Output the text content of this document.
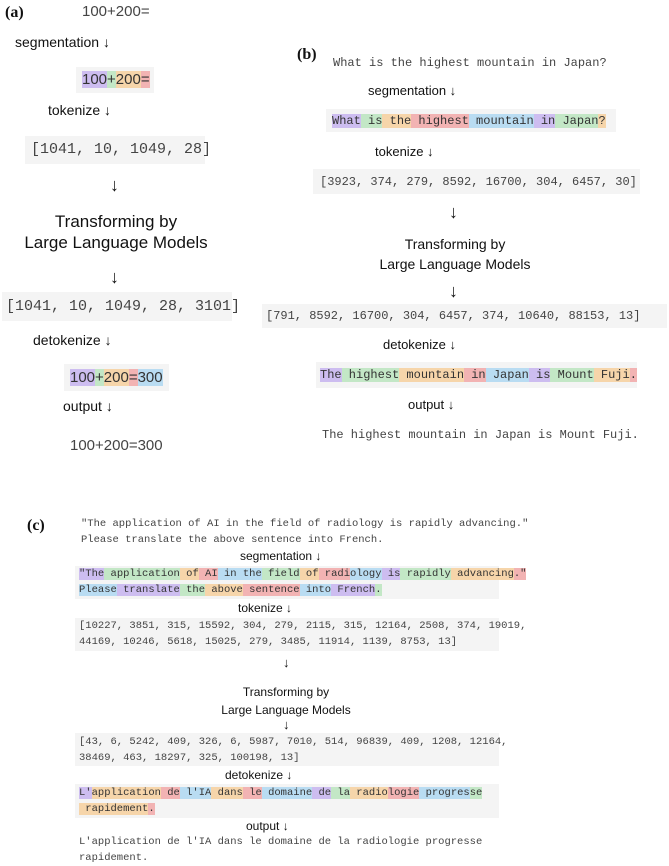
(a)	100+200=
segmentation ↓
100+200=
tokenize ↓
[1041, 10, 1049, 28]
↓
Transforming by
Large Language Models
↓
[1041, 10, 1049, 28, 3101]
detokenize ↓
100+200=300
output ↓
100+200=300
(b) What is the highest mountain in Japan?
segmentation ↓
What is the highest mountain in Japan?
tokenize ↓
[3923, 374, 279, 8592, 16700, 304, 6457, 30]
↓
Transforming by
Large Language Models
↓
[791, 8592, 16700, 304, 6457, 374, 10640, 88153, 13]
detokenize ↓
The highest mountain in Japan is Mount Fuji.
output ↓
The highest mountain in Japan is Mount Fuji.
(c)	"The application of AI in the field of radiology is rapidly advancing."
Please translate the above sentence into French.
segmentation ↓
"The application of AI in the field of radiology is rapidly advancing."
Please translate the above sentence into French.
tokenize ↓
[10227, 3851, 315, 15592, 304, 279, 2115, 315, 12164, 2508, 374, 19019,
44169, 10246, 5618, 15025, 279, 3485, 11914, 1139, 8753, 13]
↓
Transforming by
Large Language Models
↓
[43, 6, 5242, 409, 326, 6, 5987, 7010, 514, 96839, 409, 1208, 12164,
38469, 463, 18297, 325, 100198, 13]
detokenize ↓
L'application de l'IA dans le domaine de la radiologie progresse
rapidement.
output ↓
L'application de l'IA dans le domaine de la radiologie progresse
rapidement.
